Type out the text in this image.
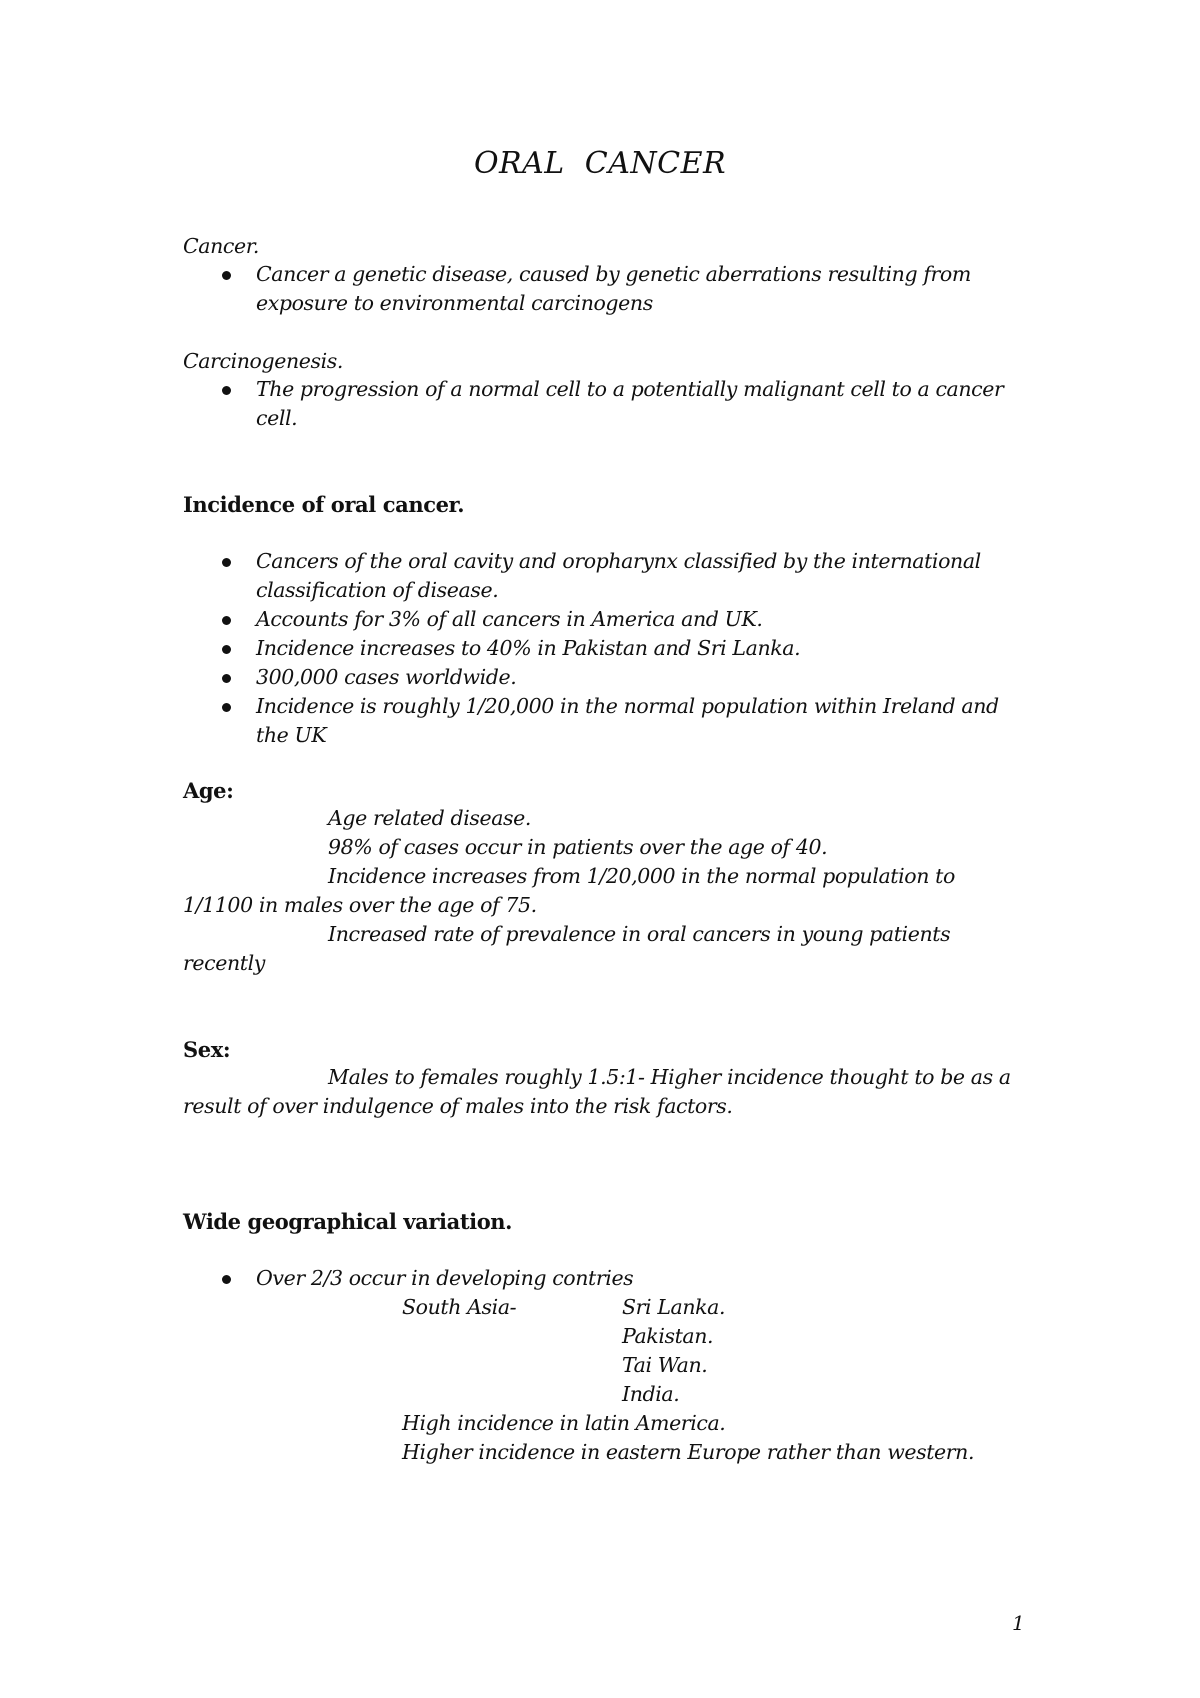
ORAL CANCER
Cancer.
Cancer a genetic disease, caused by genetic aberrations resulting from
exposure to environmental carcinogens
Carcinogenesis.
The progression of a normal cell to a potentially malignant cell to a cancer
cell.
Incidence of oral cancer.
Cancers of the oral cavity and oropharynx classified by the international
classification of disease.
Accounts for 3% of all cancers in America and UK.
Incidence increases to 40% in Pakistan and Sri Lanka.
300,000 cases worldwide.
Incidence is roughly 1/20,000 in the normal population within Ireland and
the UK
Age:
Age related disease.
98% of cases occur in patients over the age of 40.
Incidence increases from 1/20,000 in the normal population to
1/1100 in males over the age of 75.
Increased rate of prevalence in oral cancers in young patients
recently
Sex:
Males to females roughly 1.5:1- Higher incidence thought to be as a
result of over indulgence of males into the risk factors.
Wide geographical variation.
Over 2/3 occur in developing contries
South Asia-	Sri Lanka.
Pakistan.
Tai Wan.
India.
High incidence in latin America.
Higher incidence in eastern Europe rather than western.
1
